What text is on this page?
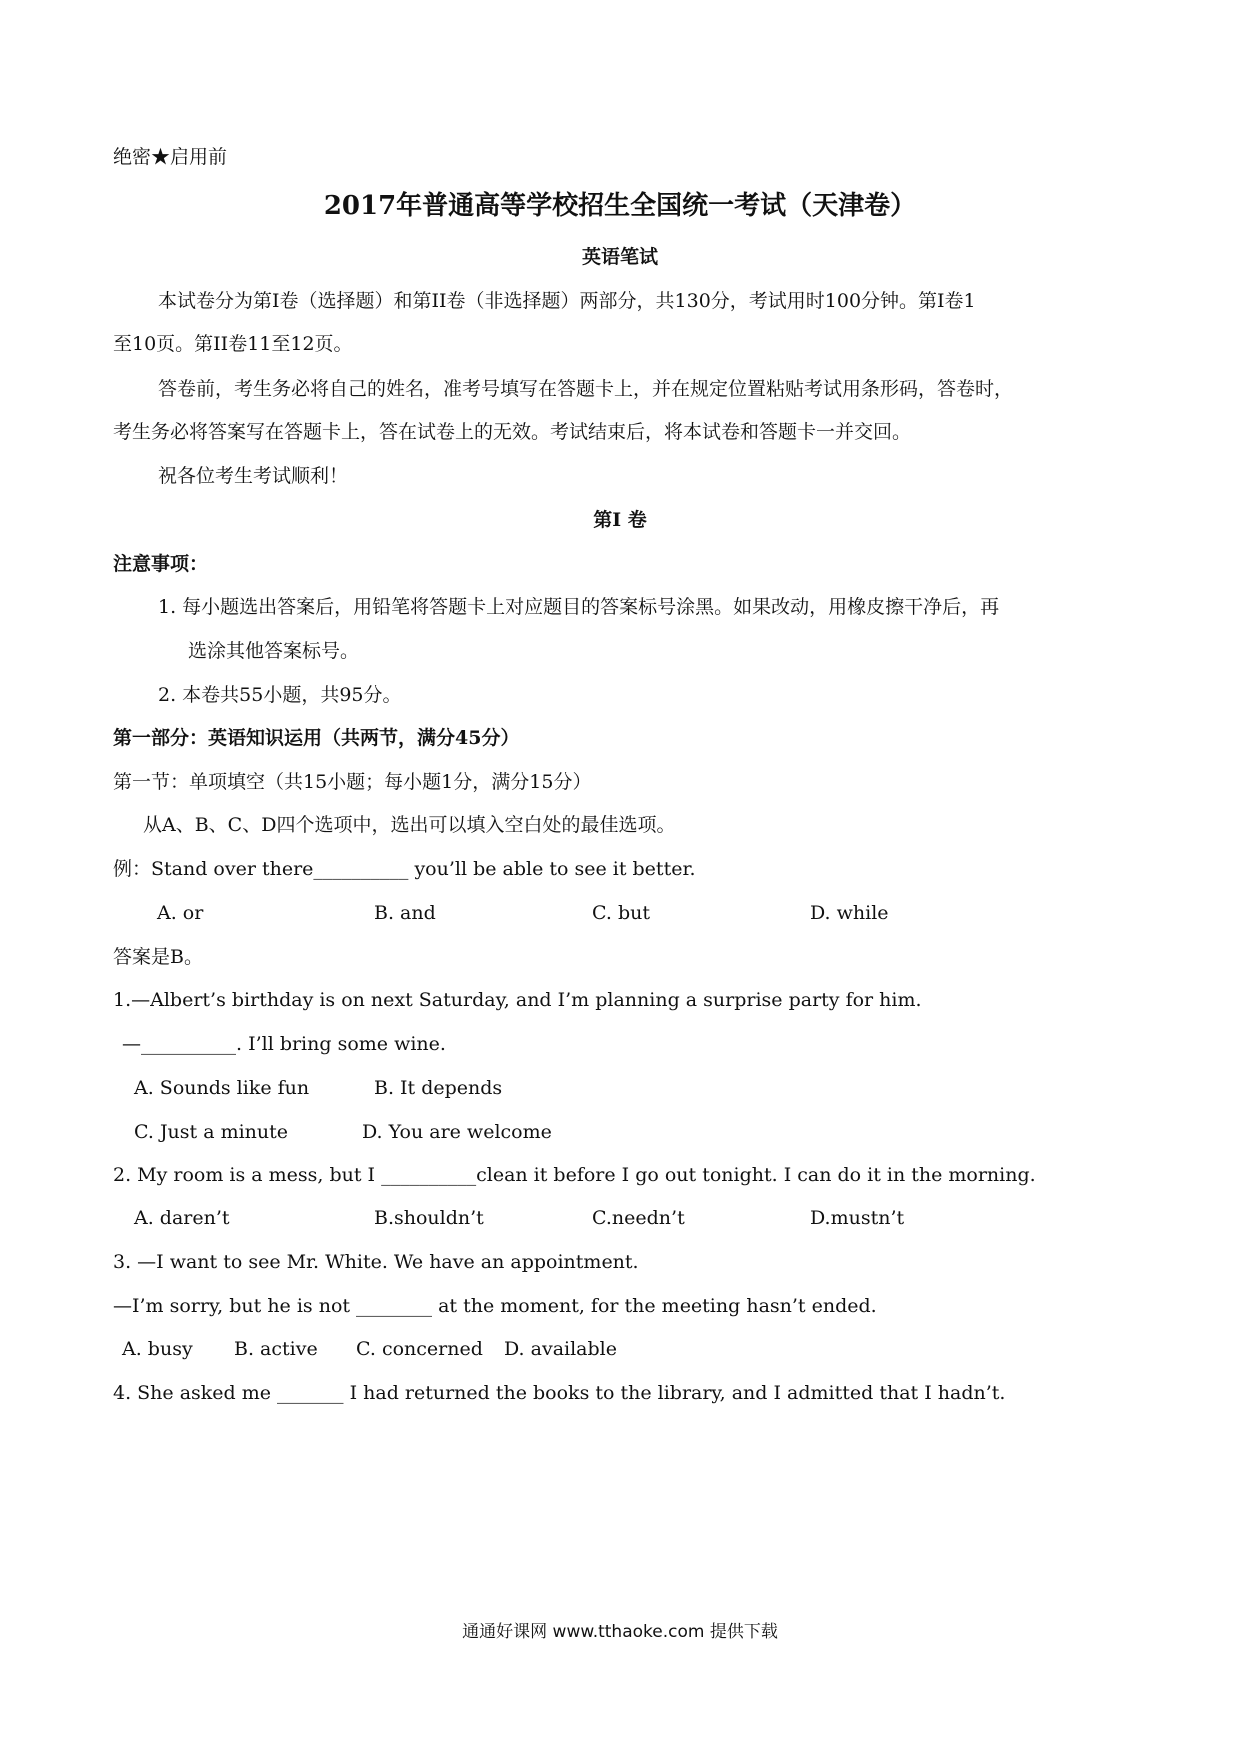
绝密★启用前
2017年普通高等学校招生全国统一考试（天津卷）
英语笔试
本试卷分为第I卷（选择题）和第II卷（非选择题）两部分，共130分，考试用时100分钟。第I卷1
至10页。第II卷11至12页。
答卷前，考生务必将自己的姓名，准考号填写在答题卡上，并在规定位置粘贴考试用条形码，答卷时，
考生务必将答案写在答题卡上，答在试卷上的无效。考试结束后，将本试卷和答题卡一并交回。
祝各位考生考试顺利！
第I 卷
注意事项：
1. 每小题选出答案后，用铅笔将答题卡上对应题目的答案标号涂黑。如果改动，用橡皮擦干净后，再
选涂其他答案标号。
2. 本卷共55小题，共95分。
第一部分：英语知识运用（共两节，满分45分）
第一节：单项填空（共15小题；每小题1分，满分15分）
从A、B、C、D四个选项中，选出可以填入空白处的最佳选项。
例：Stand over there__________ you’ll be able to see it better.
A. or	B. and	C. but	D. while
答案是B。
1.—Albert’s birthday is on next Saturday, and I’m planning a surprise party for him.
—__________. I’ll bring some wine.
A. Sounds like fun	B. It depends
C. Just a minute	D. You are welcome
2. My room is a mess, but I __________clean it before I go out tonight. I can do it in the morning.
A. daren’t	B.shouldn’t	C.needn’t	D.mustn’t
3. —I want to see Mr. White. We have an appointment.
—I’m sorry, but he is not ________ at the moment, for the meeting hasn’t ended.
A. busy B. active C. concerned D. available
4. She asked me _______ I had returned the books to the library, and I admitted that I hadn’t.
通通好课网 www.tthaoke.com 提供下载
